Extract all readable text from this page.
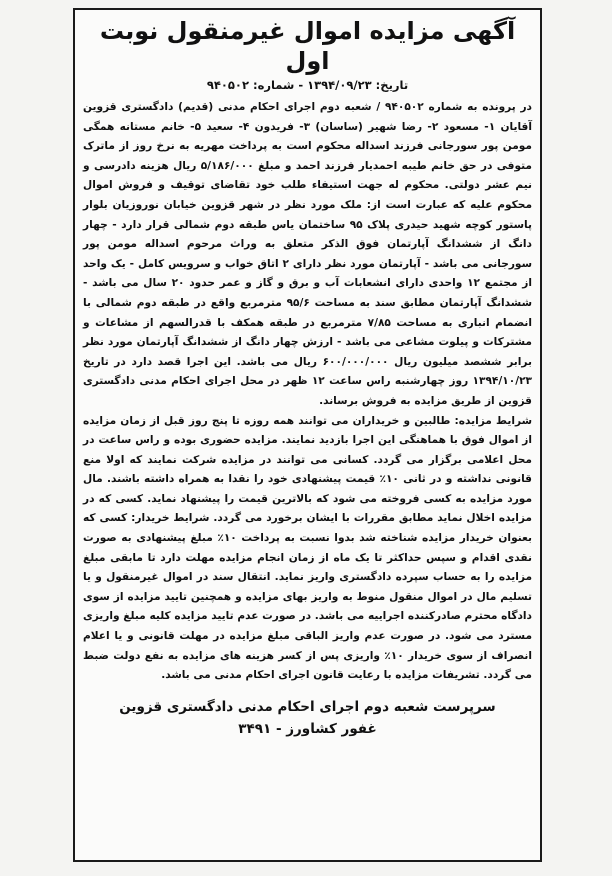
آگهی مزایده اموال غیرمنقول نوبت اول
تاریخ: ۱۳۹۴/۰۹/۲۳ - شماره: ۹۴۰۵۰۲

در پرونده به شماره ۹۴۰۵۰۲ / شعبه دوم اجرای احکام مدنی (قدیم) دادگستری قزوین آقایان ۱- مسعود ۲- رضا شهیر (ساسان) ۳- فریدون ۴- سعید ۵- خانم مستانه همگی مومن پور سورجانی فرزند اسداله محکوم است به پرداخت مهریه به نرخ روز از ماترک متوفی در حق خانم طیبه احمدیار فرزند احمد و مبلغ ۵/۱۸۶/۰۰۰ ریال هزینه دادرسی و نیم عشر دولتی. محکوم له جهت استیفاء طلب خود تقاضای توقیف و فروش اموال محکوم علیه که عبارت است از: ملک مورد نظر در شهر قزوین خیابان نوروزیان بلوار پاستور کوچه شهید حیدری پلاک ۹۵ ساختمان یاس طبقه دوم شمالی قرار دارد - چهار دانگ از ششدانگ آپارتمان فوق الذکر متعلق به وراث مرحوم اسداله مومن پور سورجانی می باشد - آپارتمان مورد نظر دارای ۲ اتاق خواب و سرویس کامل - یک واحد از مجتمع ۱۲ واحدی دارای انشعابات آب و برق و گاز و عمر حدود ۲۰ سال می باشد - ششدانگ آپارتمان مطابق سند به مساحت ۹۵/۶ مترمربع واقع در طبقه دوم شمالی با انضمام انباری به مساحت ۷/۸۵ مترمربع در طبقه همکف با قدرالسهم از مشاعات و مشترکات و پیلوت مشاعی می باشد - ارزش چهار دانگ از ششدانگ آپارتمان مورد نظر برابر ششصد میلیون ریال ۶۰۰/۰۰۰/۰۰۰ ریال می باشد. این اجرا قصد دارد در تاریخ ۱۳۹۴/۱۰/۲۳ روز چهارشنبه راس ساعت ۱۲ ظهر در محل اجرای احکام مدنی دادگستری قزوین از طریق مزایده به فروش برساند.

شرایط مزایده: طالبین و خریداران می توانند همه روزه تا پنج روز قبل از زمان مزایده از اموال فوق با هماهنگی این اجرا بازدید نمایند. مزایده حضوری بوده و راس ساعت در محل اعلامی برگزار می گردد. کسانی می توانند در مزایده شرکت نمایند که اولا منع قانونی نداشته و در ثانی ۱۰٪ قیمت پیشنهادی خود را نقدا به همراه داشته باشند. مال مورد مزایده به کسی فروخته می شود که بالاترین قیمت را پیشنهاد نماید. کسی که در مزایده اخلال نماید مطابق مقررات با ایشان برخورد می گردد. شرایط خریدار: کسی که بعنوان خریدار مزایده شناخته شد بدوا نسبت به پرداخت ۱۰٪ مبلغ پیشنهادی به صورت نقدی اقدام و سپس حداکثر تا یک ماه از زمان انجام مزایده مهلت دارد تا مابقی مبلغ مزایده را به حساب سپرده دادگستری واریز نماید. انتقال سند در اموال غیرمنقول و یا تسلیم مال در اموال منقول منوط به واریز بهای مزایده و همچنین تایید مزایده از سوی دادگاه محترم صادرکننده اجراییه می باشد. در صورت عدم تایید مزایده کلیه مبلغ واریزی مسترد می شود. در صورت عدم واریز الباقی مبلغ مزایده در مهلت قانونی و یا اعلام انصراف از سوی خریدار ۱۰٪ واریزی پس از کسر هزینه های مزایده به نفع دولت ضبط می گردد. تشریفات مزایده با رعایت قانون اجرای احکام مدنی می باشد.

سرپرست شعبه دوم اجرای احکام مدنی دادگستری قزوین
غفور کشاورز - ۳۴۹۱
